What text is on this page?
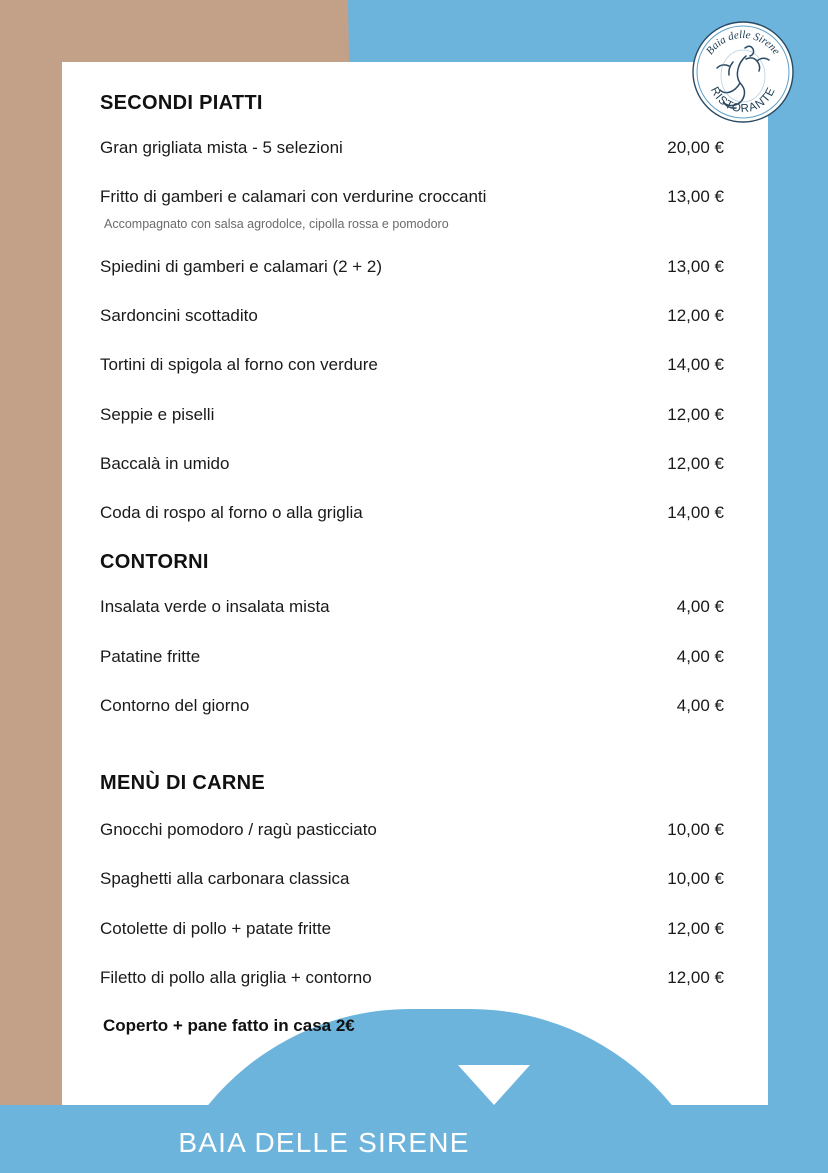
Baia delle Sirene
RISTORANTE
SECONDI PIATTI
Gran grigliata mista - 5 selezioni	20,00 €
Fritto di gamberi e calamari con verdurine croccanti	13,00 €
Accompagnato con salsa agrodolce, cipolla rossa e pomodoro
Spiedini di gamberi e calamari (2 + 2)	13,00 €
Sardoncini scottadito	12,00 €
Tortini di spigola al forno con verdure	14,00 €
Seppie e piselli	12,00 €
Baccalà in umido	12,00 €
Coda di rospo al forno o alla griglia	14,00 €
CONTORNI
Insalata verde o insalata mista	4,00 €
Patatine fritte	4,00 €
Contorno del giorno	4,00 €
MENÙ DI CARNE
Gnocchi pomodoro / ragù pasticciato	10,00 €
Spaghetti alla carbonara classica	10,00 €
Cotolette di pollo + patate fritte	12,00 €
Filetto di pollo alla griglia + contorno	12,00 €
Coperto + pane fatto in casa 2€
BAIA DELLE SIRENE
